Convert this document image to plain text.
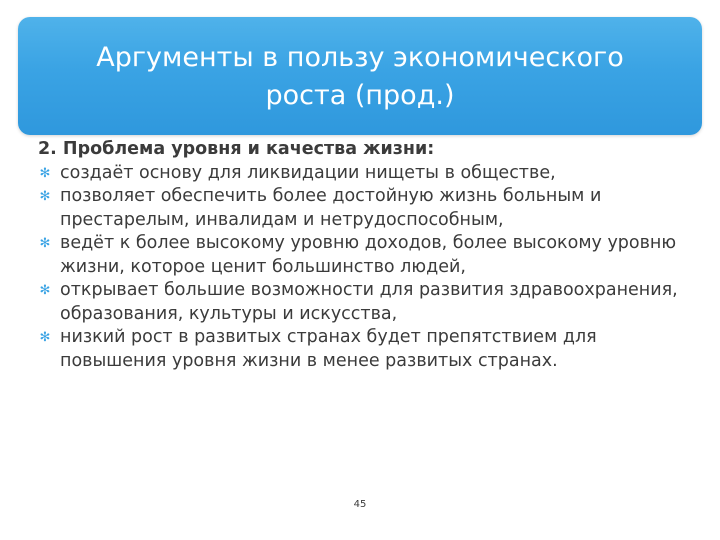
Аргументы в пользу экономического
роста (прод.)
2. Проблема уровня и качества жизни:
✻ создаёт основу для ликвидации нищеты в обществе,
✻ позволяет обеспечить более достойную жизнь больным и престарелым, инвалидам и нетрудоспособным,
✻ ведёт к более высокому уровню доходов, более высокому уровню жизни, которое ценит большинство людей,
✻ открывает большие возможности для развития здравоохранения, образования, культуры и искусства,
✻ низкий рост в развитых странах будет препятствием для повышения уровня жизни в менее развитых странах.
45
